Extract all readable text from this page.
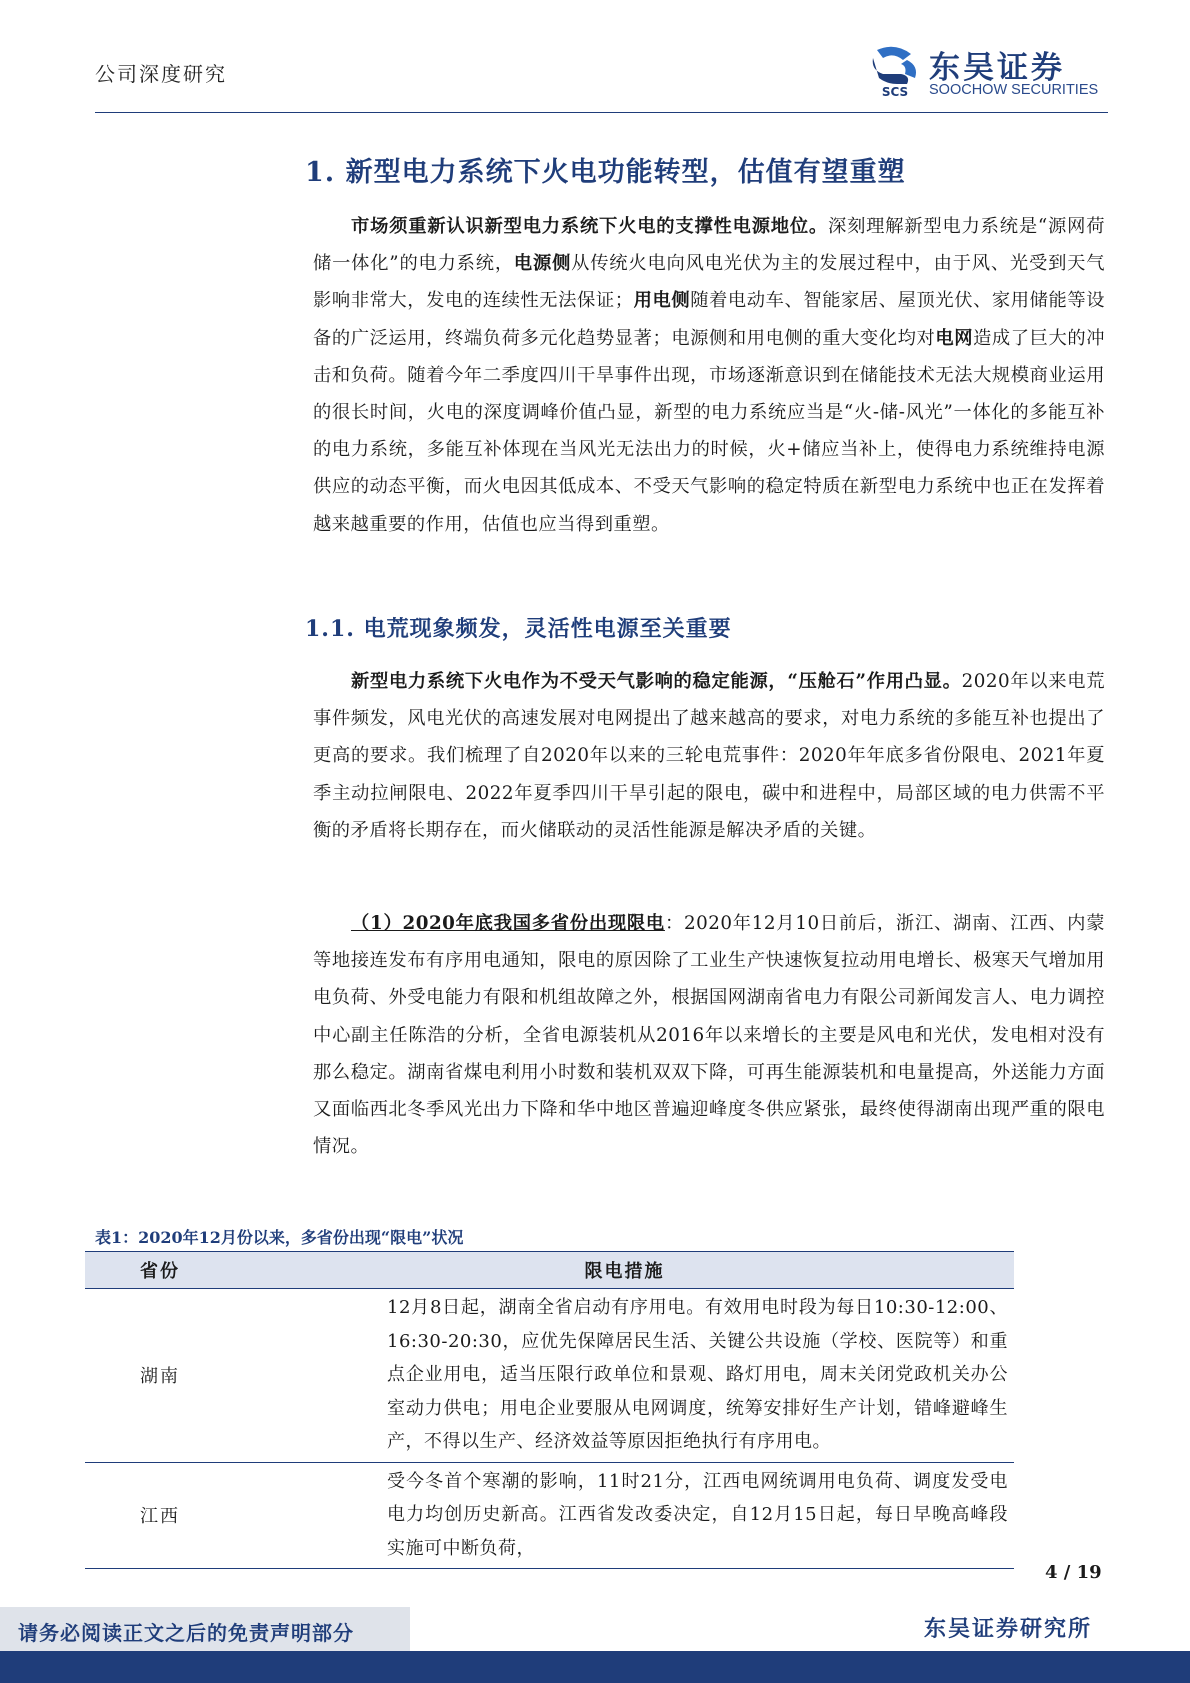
公司深度研究
SCS
东吴证券
SOOCHOW SECURITIES
1. 新型电力系统下火电功能转型，估值有望重塑

市场须重新认识新型电力系统下火电的支撑性电源地位。深刻理解新型电力系统是“源网荷储一体化”的电力系统，电源侧从传统火电向风电光伏为主的发展过程中，由于风、光受到天气影响非常大，发电的连续性无法保证；用电侧随着电动车、智能家居、屋顶光伏、家用储能等设备的广泛运用，终端负荷多元化趋势显著；电源侧和用电侧的重大变化均对电网造成了巨大的冲击和负荷。随着今年二季度四川干旱事件出现，市场逐渐意识到在储能技术无法大规模商业运用的很长时间，火电的深度调峰价值凸显，新型的电力系统应当是“火-储-风光”一体化的多能互补的电力系统，多能互补体现在当风光无法出力的时候，火+储应当补上，使得电力系统维持电源供应的动态平衡，而火电因其低成本、不受天气影响的稳定特质在新型电力系统中也正在发挥着越来越重要的作用，估值也应当得到重塑。

1.1. 电荒现象频发，灵活性电源至关重要

新型电力系统下火电作为不受天气影响的稳定能源，“压舱石”作用凸显。2020年以来电荒事件频发，风电光伏的高速发展对电网提出了越来越高的要求，对电力系统的多能互补也提出了更高的要求。我们梳理了自2020年以来的三轮电荒事件：2020年年底多省份限电、2021年夏季主动拉闸限电、2022年夏季四川干旱引起的限电，碳中和进程中，局部区域的电力供需不平衡的矛盾将长期存在，而火储联动的灵活性能源是解决矛盾的关键。

（1）2020年底我国多省份出现限电：2020年12月10日前后，浙江、湖南、江西、内蒙等地接连发布有序用电通知，限电的原因除了工业生产快速恢复拉动用电增长、极寒天气增加用电负荷、外受电能力有限和机组故障之外，根据国网湖南省电力有限公司新闻发言人、电力调控中心副主任陈浩的分析，全省电源装机从2016年以来增长的主要是风电和光伏，发电相对没有那么稳定。湖南省煤电利用小时数和装机双双下降，可再生能源装机和电量提高，外送能力方面又面临西北冬季风光出力下降和华中地区普遍迎峰度冬供应紧张，最终使得湖南出现严重的限电情况。

表1：2020年12月份以来，多省份出现“限电”状况
省份	限电措施
湖南	12月8日起，湖南全省启动有序用电。有效用电时段为每日10:30-12:00、16:30-20:30，应优先保障居民生活、关键公共设施（学校、医院等）和重点企业用电，适当压限行政单位和景观、路灯用电，周末关闭党政机关办公室动力供电；用电企业要服从电网调度，统筹安排好生产计划，错峰避峰生产，不得以生产、经济效益等原因拒绝执行有序用电。
江西	受今冬首个寒潮的影响，11时21分，江西电网统调用电负荷、调度发受电电力均创历史新高。江西省发改委决定，自12月15日起，每日早晚高峰段实施可中断负荷，
4 / 19
请务必阅读正文之后的免责声明部分	东吴证券研究所
